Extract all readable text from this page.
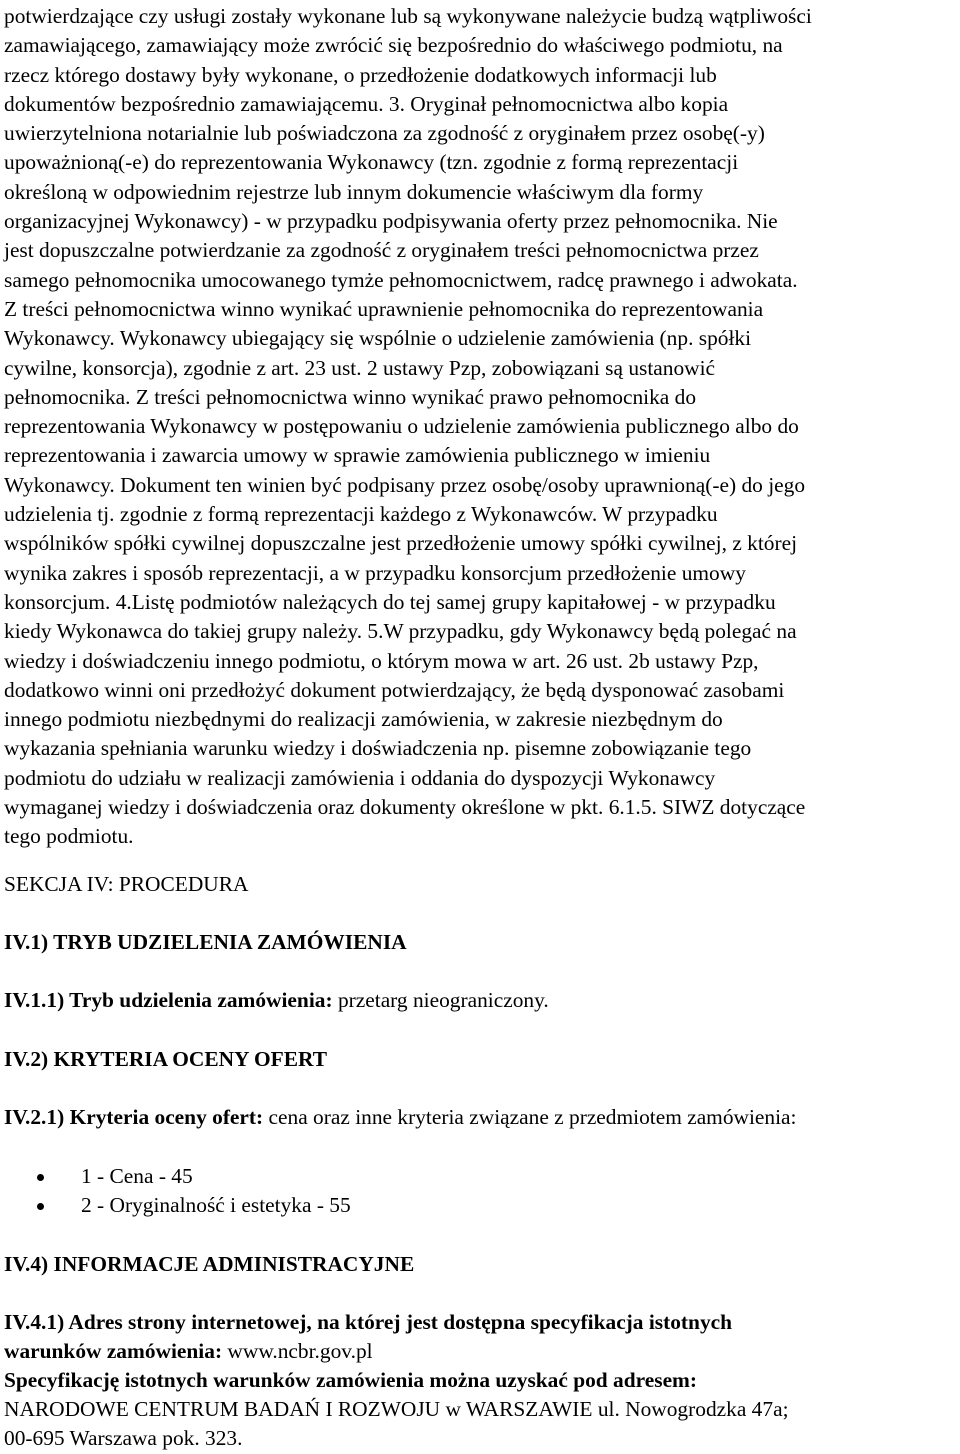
potwierdzające czy usługi zostały wykonane lub są wykonywane należycie budzą wątpliwości
zamawiającego, zamawiający może zwrócić się bezpośrednio do właściwego podmiotu, na
rzecz którego dostawy były wykonane, o przedłożenie dodatkowych informacji lub
dokumentów bezpośrednio zamawiającemu. 3. Oryginał pełnomocnictwa albo kopia
uwierzytelniona notarialnie lub poświadczona za zgodność z oryginałem przez osobę(-y)
upoważnioną(-e) do reprezentowania Wykonawcy (tzn. zgodnie z formą reprezentacji
określoną w odpowiednim rejestrze lub innym dokumencie właściwym dla formy
organizacyjnej Wykonawcy) - w przypadku podpisywania oferty przez pełnomocnika. Nie
jest dopuszczalne potwierdzanie za zgodność z oryginałem treści pełnomocnictwa przez
samego pełnomocnika umocowanego tymże pełnomocnictwem, radcę prawnego i adwokata.
Z treści pełnomocnictwa winno wynikać uprawnienie pełnomocnika do reprezentowania
Wykonawcy. Wykonawcy ubiegający się wspólnie o udzielenie zamówienia (np. spółki
cywilne, konsorcja), zgodnie z art. 23 ust. 2 ustawy Pzp, zobowiązani są ustanowić
pełnomocnika. Z treści pełnomocnictwa winno wynikać prawo pełnomocnika do
reprezentowania Wykonawcy w postępowaniu o udzielenie zamówienia publicznego albo do
reprezentowania i zawarcia umowy w sprawie zamówienia publicznego w imieniu
Wykonawcy. Dokument ten winien być podpisany przez osobę/osoby uprawnioną(-e) do jego
udzielenia tj. zgodnie z formą reprezentacji każdego z Wykonawców. W przypadku
wspólników spółki cywilnej dopuszczalne jest przedłożenie umowy spółki cywilnej, z której
wynika zakres i sposób reprezentacji, a w przypadku konsorcjum przedłożenie umowy
konsorcjum. 4.Listę podmiotów należących do tej samej grupy kapitałowej - w przypadku
kiedy Wykonawca do takiej grupy należy. 5.W przypadku, gdy Wykonawcy będą polegać na
wiedzy i doświadczeniu innego podmiotu, o którym mowa w art. 26 ust. 2b ustawy Pzp,
dodatkowo winni oni przedłożyć dokument potwierdzający, że będą dysponować zasobami
innego podmiotu niezbędnymi do realizacji zamówienia, w zakresie niezbędnym do
wykazania spełniania warunku wiedzy i doświadczenia np. pisemne zobowiązanie tego
podmiotu do udziału w realizacji zamówienia i oddania do dyspozycji Wykonawcy
wymaganej wiedzy i doświadczenia oraz dokumenty określone w pkt. 6.1.5. SIWZ dotyczące
tego podmiotu.
SEKCJA IV: PROCEDURA
IV.1) TRYB UDZIELENIA ZAMÓWIENIA
IV.1.1) Tryb udzielenia zamówienia: przetarg nieograniczony.
IV.2) KRYTERIA OCENY OFERT
IV.2.1) Kryteria oceny ofert: cena oraz inne kryteria związane z przedmiotem zamówienia:
1 - Cena - 45
2 - Oryginalność i estetyka - 55
IV.4) INFORMACJE ADMINISTRACYJNE
IV.4.1) Adres strony internetowej, na której jest dostępna specyfikacja istotnych
warunków zamówienia: www.ncbr.gov.pl
Specyfikację istotnych warunków zamówienia można uzyskać pod adresem:
NARODOWE CENTRUM BADAŃ I ROZWOJU w WARSZAWIE ul. Nowogrodzka 47a;
00-695 Warszawa pok. 323.
